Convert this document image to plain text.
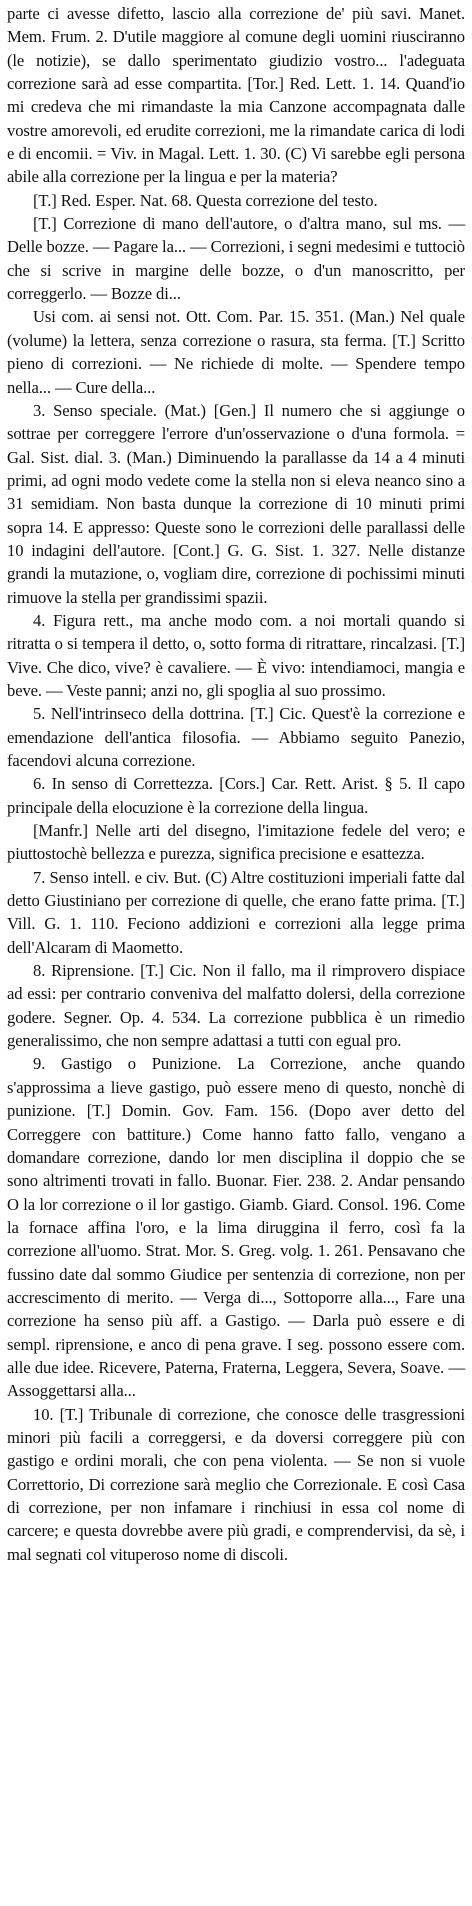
parte ci avesse difetto, lascio alla correzione de' più savi. Manet. Mem. Frum. 2. D'utile maggiore al comune degli uomini riusciranno (le notizie), se dallo sperimentato giudizio vostro... l'adeguata correzione sarà ad esse compartita. [Tor.] Red. Lett. 1. 14. Quand'io mi credeva che mi rimandaste la mia Canzone accompagnata dalle vostre amorevoli, ed erudite correzioni, me la rimandate carica di lodi e di encomii. = Viv. in Magal. Lett. 1. 30. (C) Vi sarebbe egli persona abile alla correzione per la lingua e per la materia?

[T.] Red. Esper. Nat. 68. Questa correzione del testo.

[T.] Correzione di mano dell'autore, o d'altra mano, sul ms. — Delle bozze. — Pagare la... — Correzioni, i segni medesimi e tuttociò che si scrive in margine delle bozze, o d'un manoscritto, per correggerlo. — Bozze di...

Usi com. ai sensi not. Ott. Com. Par. 15. 351. (Man.) Nel quale (volume) la lettera, senza correzione o rasura, sta ferma. [T.] Scritto pieno di correzioni. — Ne richiede di molte. — Spendere tempo nella... — Cure della...

3. Senso speciale. (Mat.) [Gen.] Il numero che si aggiunge o sottrae per correggere l'errore d'un'osservazione o d'una formola. = Gal. Sist. dial. 3. (Man.) Diminuendo la parallasse da 14 a 4 minuti primi, ad ogni modo vedete come la stella non si eleva neanco sino a 31 semidiam. Non basta dunque la correzione di 10 minuti primi sopra 14. E appresso: Queste sono le correzioni delle parallassi delle 10 indagini dell'autore. [Cont.] G. G. Sist. 1. 327. Nelle distanze grandi la mutazione, o, vogliam dire, correzione di pochissimi minuti rimuove la stella per grandissimi spazii.

4. Figura rett., ma anche modo com. a noi mortali quando si ritratta o si tempera il detto, o, sotto forma di ritrattare, rincalzasi. [T.] Vive. Che dico, vive? è cavaliere. — È vivo: intendiamoci, mangia e beve. — Veste panni; anzi no, gli spoglia al suo prossimo.

5. Nell'intrinseco della dottrina. [T.] Cic. Quest'è la correzione e emendazione dell'antica filosofia. — Abbiamo seguito Panezio, facendovi alcuna correzione.

6. In senso di Correttezza. [Cors.] Car. Rett. Arist. § 5. Il capo principale della elocuzione è la correzione della lingua.

[Manfr.] Nelle arti del disegno, l'imitazione fedele del vero; e piuttostochè bellezza e purezza, significa precisione e esattezza.

7. Senso intell. e civ. But. (C) Altre costituzioni imperiali fatte dal detto Giustiniano per correzione di quelle, che erano fatte prima. [T.] Vill. G. 1. 110. Feciono addizioni e correzioni alla legge prima dell'Alcaram di Maometto.

8. Riprensione. [T.] Cic. Non il fallo, ma il rimprovero dispiace ad essi: per contrario conveniva del malfatto dolersi, della correzione godere. Segner. Op. 4. 534. La correzione pubblica è un rimedio generalissimo, che non sempre adattasi a tutti con egual pro.

9. Gastigo o Punizione. La Correzione, anche quando s'approssima a lieve gastigo, può essere meno di questo, nonchè di punizione. [T.] Domin. Gov. Fam. 156. (Dopo aver detto del Correggere con battiture.) Come hanno fatto fallo, vengano a domandare correzione, dando lor men disciplina il doppio che se sono altrimenti trovati in fallo. Buonar. Fier. 238. 2. Andar pensando O la lor correzione o il lor gastigo. Giamb. Giard. Consol. 196. Come la fornace affina l'oro, e la lima diruggina il ferro, così fa la correzione all'uomo. Strat. Mor. S. Greg. volg. 1. 261. Pensavano che fussino date dal sommo Giudice per sentenzia di correzione, non per accrescimento di merito. — Verga di..., Sottoporre alla..., Fare una correzione ha senso più aff. a Gastigo. — Darla può essere e di sempl. riprensione, e anco di pena grave. I seg. possono essere com. alle due idee. Ricevere, Paterna, Fraterna, Leggera, Severa, Soave. — Assoggettarsi alla...

10. [T.] Tribunale di correzione, che conosce delle trasgressioni minori più facili a correggersi, e da doversi correggere più con gastigo e ordini morali, che con pena violenta. — Se non si vuole Correttorio, Di correzione sarà meglio che Correzionale. E così Casa di correzione, per non infamare i rinchiusi in essa col nome di carcere; e questa dovrebbe avere più gradi, e comprendervisi, da sè, i mal segnati col vituperoso nome di discoli.
